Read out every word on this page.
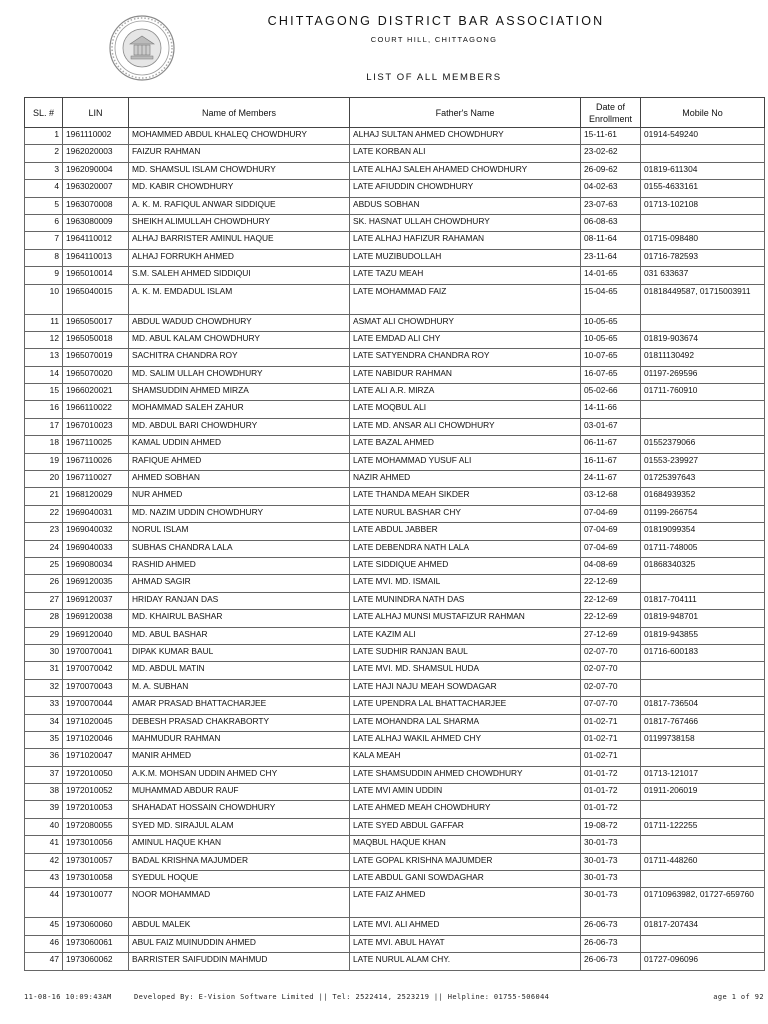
CHITTAGONG DISTRICT BAR ASSOCIATION
COURT HILL, CHITTAGONG
LIST OF ALL MEMBERS
SL. #	LIN	Name of Members	Father's Name	Date of Enrollment	Mobile No
1	1961110002	MOHAMMED ABDUL KHALEQ CHOWDHURY	ALHAJ SULTAN AHMED CHOWDHURY	15-11-61	01914-549240
2	1962020003	FAIZUR RAHMAN	LATE KORBAN ALI	23-02-62	
3	1962090004	MD. SHAMSUL ISLAM CHOWDHURY	LATE ALHAJ SALEH AHAMED CHOWDHURY	26-09-62	01819-611304
4	1963020007	MD. KABIR CHOWDHURY	LATE AFIUDDIN CHOWDHURY	04-02-63	0155-4633161
5	1963070008	A. K. M. RAFIQUL ANWAR SIDDIQUE	ABDUS SOBHAN	23-07-63	01713-102108
6	1963080009	SHEIKH ALIMULLAH CHOWDHURY	SK. HASNAT ULLAH CHOWDHURY	06-08-63	
7	1964110012	ALHAJ BARRISTER AMINUL HAQUE	LATE ALHAJ HAFIZUR RAHAMAN	08-11-64	01715-098480
8	1964110013	ALHAJ FORRUKH AHMED	LATE MUZIBUDOLLAH	23-11-64	01716-782593
9	1965010014	S.M. SALEH AHMED SIDDIQUI	LATE TAZU MEAH	14-01-65	031 633637
10	1965040015	A. K. M. EMDADUL ISLAM	LATE MOHAMMAD FAIZ	15-04-65	01818449587, 01715003911
11	1965050017	ABDUL WADUD CHOWDHURY	ASMAT ALI CHOWDHURY	10-05-65	
12	1965050018	MD. ABUL KALAM CHOWDHURY	LATE EMDAD ALI CHY	10-05-65	01819-903674
13	1965070019	SACHITRA CHANDRA ROY	LATE SATYENDRA CHANDRA ROY	10-07-65	01811130492
14	1965070020	MD. SALIM ULLAH CHOWDHURY	LATE NABIDUR RAHMAN	16-07-65	01197-269596
15	1966020021	SHAMSUDDIN AHMED MIRZA	LATE ALI A.R. MIRZA	05-02-66	01711-760910
16	1966110022	MOHAMMAD SALEH ZAHUR	LATE MOQBUL ALI	14-11-66	
17	1967010023	MD. ABDUL BARI CHOWDHURY	LATE MD. ANSAR ALI CHOWDHURY	03-01-67	
18	1967110025	KAMAL UDDIN AHMED	LATE BAZAL AHMED	06-11-67	01552379066
19	1967110026	RAFIQUE AHMED	LATE MOHAMMAD YUSUF ALI	16-11-67	01553-239927
20	1967110027	AHMED SOBHAN	NAZIR AHMED	24-11-67	01725397643
21	1968120029	NUR AHMED	LATE THANDA MEAH SIKDER	03-12-68	01684939352
22	1969040031	MD. NAZIM UDDIN CHOWDHURY	LATE NURUL BASHAR CHY	07-04-69	01199-266754
23	1969040032	NORUL ISLAM	LATE ABDUL JABBER	07-04-69	01819099354
24	1969040033	SUBHAS CHANDRA LALA	LATE DEBENDRA NATH LALA	07-04-69	01711-748005
25	1969080034	RASHID AHMED	LATE SIDDIQUE AHMED	04-08-69	01868340325
26	1969120035	AHMAD SAGIR	LATE MVI. MD. ISMAIL	22-12-69	
27	1969120037	HRIDAY RANJAN DAS	LATE MUNINDRA NATH DAS	22-12-69	01817-704111
28	1969120038	MD. KHAIRUL BASHAR	LATE ALHAJ MUNSI MUSTAFIZUR RAHMAN	22-12-69	01819-948701
29	1969120040	MD. ABUL BASHAR	LATE KAZIM ALI	27-12-69	01819-943855
30	1970070041	DIPAK KUMAR BAUL	LATE SUDHIR RANJAN BAUL	02-07-70	01716-600183
31	1970070042	MD. ABDUL MATIN	LATE MVI. MD. SHAMSUL HUDA	02-07-70	
32	1970070043	M. A. SUBHAN	LATE HAJI NAJU MEAH SOWDAGAR	02-07-70	
33	1970070044	AMAR PRASAD BHATTACHARJEE	LATE UPENDRA LAL BHATTACHARJEE	07-07-70	01817-736504
34	1971020045	DEBESH PRASAD CHAKRABORTY	LATE MOHANDRA LAL SHARMA	01-02-71	01817-767466
35	1971020046	MAHMUDUR RAHMAN	LATE ALHAJ WAKIL AHMED CHY	01-02-71	01199738158
36	1971020047	MANIR AHMED	KALA MEAH	01-02-71	
37	1972010050	A.K.M. MOHSAN UDDIN AHMED CHY	LATE SHAMSUDDIN AHMED CHOWDHURY	01-01-72	01713-121017
38	1972010052	MUHAMMAD ABDUR RAUF	LATE MVI AMIN UDDIN	01-01-72	01911-206019
39	1972010053	SHAHADAT HOSSAIN CHOWDHURY	LATE AHMED MEAH CHOWDHURY	01-01-72	
40	1972080055	SYED MD. SIRAJUL ALAM	LATE SYED ABDUL GAFFAR	19-08-72	01711-122255
41	1973010056	AMINUL HAQUE KHAN	MAQBUL HAQUE KHAN	30-01-73	
42	1973010057	BADAL KRISHNA MAJUMDER	LATE GOPAL KRISHNA MAJUMDER	30-01-73	01711-448260
43	1973010058	SYEDUL HOQUE	LATE ABDUL GANI SOWDAGHAR	30-01-73	
44	1973010077	NOOR MOHAMMAD	LATE FAIZ AHMED	30-01-73	01710963982, 01727-659760
45	1973060060	ABDUL MALEK	LATE MVI. ALI AHMED	26-06-73	01817-207434
46	1973060061	ABUL FAIZ MUINUDDIN AHMED	LATE MVI. ABUL HAYAT	26-06-73	
47	1973060062	BARRISTER SAIFUDDIN MAHMUD	LATE NURUL ALAM CHY.	26-06-73	01727-096096
11-08-16 10:09:43AM	Developed By: E-Vision Software Limited || Tel: 2522414, 2523219 || Helpline: 01755-506044	age 1 of 92
